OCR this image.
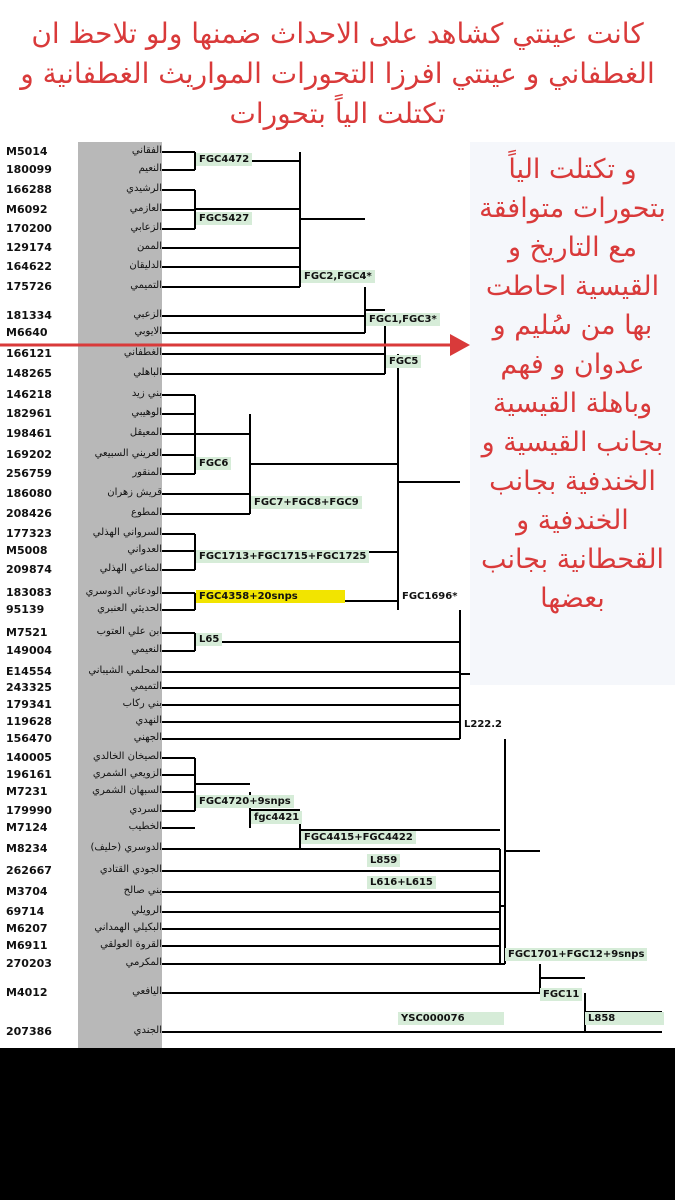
كانت عينتي كشاهد على الاحداث ضمنها ولو تلاحظ ان الغطفاني و عينتي افرزا التحورات المواريث الغطفانية و تكتلت الياً بتحورات
M5014
180099
166288
M6092
170200
129174
164622
175726
181334
M6640
166121
148265
146218
182961
198461
169202
256759
186080
208426
177323
M5008
209874
183083
95139
M7521
149004
E14554
243325
179341
119628
156470
140005
196161
M7231
179990
M7124
M8234
262667
M3704
69714
M6207
M6911
270203
M4012
207386
الفقاني
النعيم
الرشيدي
العازمي
الزعابي
الممن
الدليقان
التميمي
الزعبي
الايوبي
الغطفاني
الباهلي
بني زيد
الوهيبي
المعيقل
العريني السبيعي
المنقور
قريش زهران
المطوع
السرواني الهذلي
العدواني
المناعي الهذلي
الودعاني الدوسري
الحديثي العنبري
ابن علي العتوب
النعيمي
المحلمي الشيباني
التميمي
بني ركاب
النهدي
الجهني
الصيخان الخالدي
الزويعي الشمري
السبهان الشمري
السردي
الخطيب
الدوسري (حليف)
الجودي القتادي
بني صالح
الرويلي
البكيلي الهمداني
القروة العولقي
المكرمي
اليافعي
الجندي
FGC4472
FGC5427
FGC2,FGC4*
FGC1,FGC3*
FGC5
FGC6
FGC7+FGC8+FGC9
FGC1713+FGC1715+FGC1725
FGC4358+20snps	FGC1696*
L65
L222.2
FGC4720+9snps
fgc4421
FGC4415+FGC4422
L859
L616+L615
FGC1701+FGC12+9snps
FGC11
YSC000076	L858
و تكتلت الياً بتحورات متوافقة مع التاريخ و القيسية احاطت بها من سُليم و عدوان و فهم وباهلة القيسية بجانب القيسية و الخندفية بجانب الخندفية و القحطانية بجانب بعضها
